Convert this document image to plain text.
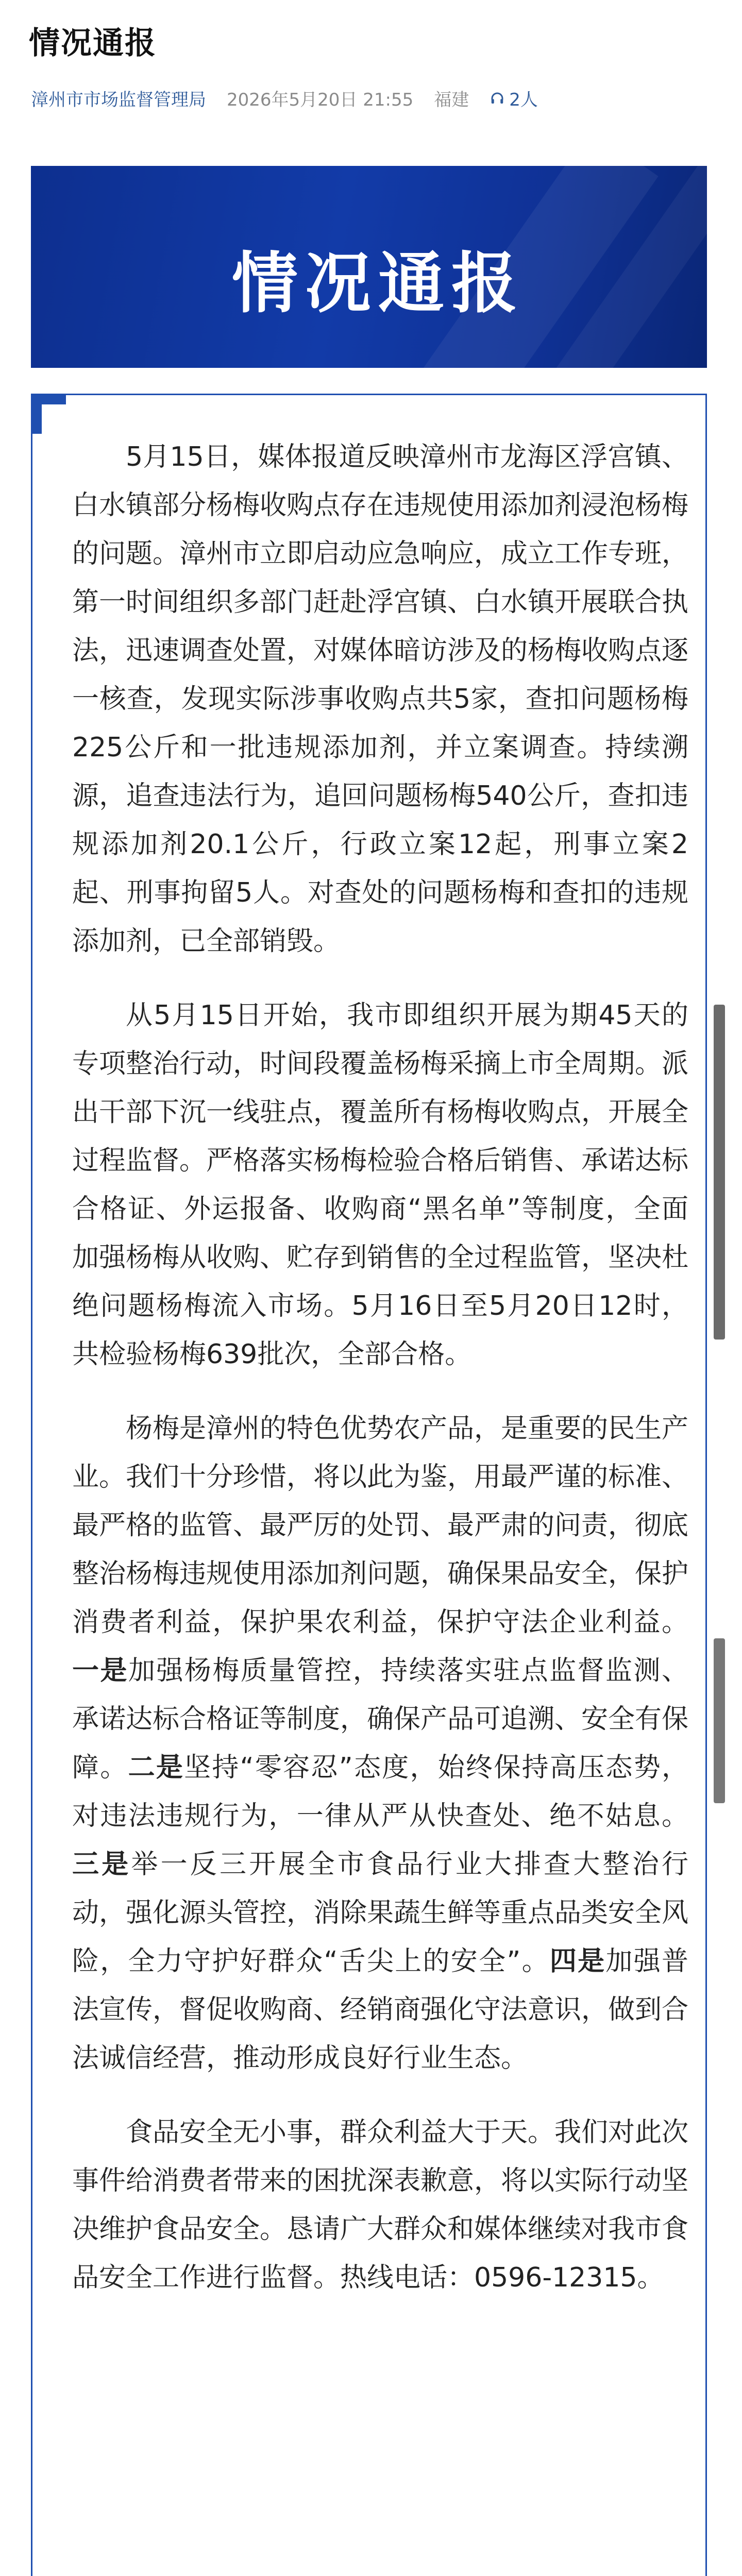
情况通报
漳州市市场监督管理局 2026年5月20日 21:55 福建 2人
情况通报

5月15日，媒体报道反映漳州市龙海区浮宫镇、白水镇部分杨梅收购点存在违规使用添加剂浸泡杨梅的问题。漳州市立即启动应急响应，成立工作专班，第一时间组织多部门赶赴浮宫镇、白水镇开展联合执法，迅速调查处置，对媒体暗访涉及的杨梅收购点逐一核查，发现实际涉事收购点共5家，查扣问题杨梅225公斤和一批违规添加剂，并立案调查。持续溯源，追查违法行为，追回问题杨梅540公斤，查扣违规添加剂20.1公斤，行政立案12起，刑事立案2起、刑事拘留5人。对查处的问题杨梅和查扣的违规添加剂，已全部销毁。

从5月15日开始，我市即组织开展为期45天的专项整治行动，时间段覆盖杨梅采摘上市全周期。派出干部下沉一线驻点，覆盖所有杨梅收购点，开展全过程监督。严格落实杨梅检验合格后销售、承诺达标合格证、外运报备、收购商“黑名单”等制度，全面加强杨梅从收购、贮存到销售的全过程监管，坚决杜绝问题杨梅流入市场。5月16日至5月20日12时，共检验杨梅639批次，全部合格。

杨梅是漳州的特色优势农产品，是重要的民生产业。我们十分珍惜，将以此为鉴，用最严谨的标准、最严格的监管、最严厉的处罚、最严肃的问责，彻底整治杨梅违规使用添加剂问题，确保果品安全，保护消费者利益，保护果农利益，保护守法企业利益。一是加强杨梅质量管控，持续落实驻点监督监测、承诺达标合格证等制度，确保产品可追溯、安全有保障。二是坚持“零容忍”态度，始终保持高压态势，对违法违规行为，一律从严从快查处、绝不姑息。三是举一反三开展全市食品行业大排查大整治行动，强化源头管控，消除果蔬生鲜等重点品类安全风险，全力守护好群众“舌尖上的安全”。四是加强普法宣传，督促收购商、经销商强化守法意识，做到合法诚信经营，推动形成良好行业生态。

食品安全无小事，群众利益大于天。我们对此次事件给消费者带来的困扰深表歉意，将以实际行动坚决维护食品安全。恳请广大群众和媒体继续对我市食品安全工作进行监督。热线电话：0596-12315。
